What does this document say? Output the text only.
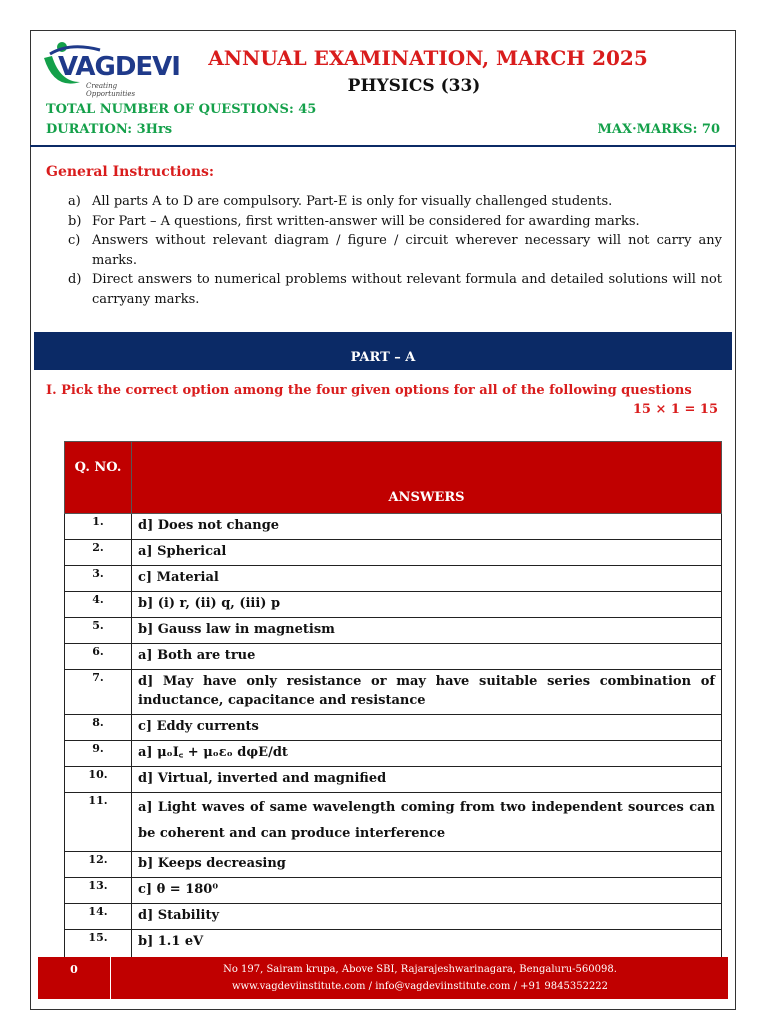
VAGDEVI
Creating Opportunities
ANNUAL EXAMINATION, MARCH 2025
PHYSICS (33)
TOTAL NUMBER OF QUESTIONS: 45
DURATION: 3Hrs	MAX·MARKS: 70
General Instructions:
a) All parts A to D are compulsory. Part-E is only for visually challenged students.
b) For Part – A questions, first written-answer will be considered for awarding marks.
c) Answers without relevant diagram / figure / circuit wherever necessary will not carry any marks.
d) Direct answers to numerical problems without relevant formula and detailed solutions will not carryany marks.
PART – A
I. Pick the correct option among the four given options for all of the following questions
15 × 1 = 15
Q. NO.	ANSWERS
1.	d] Does not change
2.	a] Spherical
3.	c] Material
4.	b] (i) r, (ii) q, (iii) p
5.	b] Gauss law in magnetism
6.	a] Both are true
7.	d] May have only resistance or may have suitable series combination of inductance, capacitance and resistance
8.	c] Eddy currents
9.	a] μₒI꜀ + μₒεₒ dφE/dt
10.	d] Virtual, inverted and magnified
11.	a] Light waves of same wavelength coming from two independent sources can be coherent and can produce interference
12.	b] Keeps decreasing
13.	c] θ = 180⁰
14.	d] Stability
15.	b] 1.1 eV
0	No 197, Sairam krupa, Above SBI, Rajarajeshwarinagara, Bengaluru-560098.
www.vagdeviinstitute.com / info@vagdeviinstitute.com / +91 9845352222
